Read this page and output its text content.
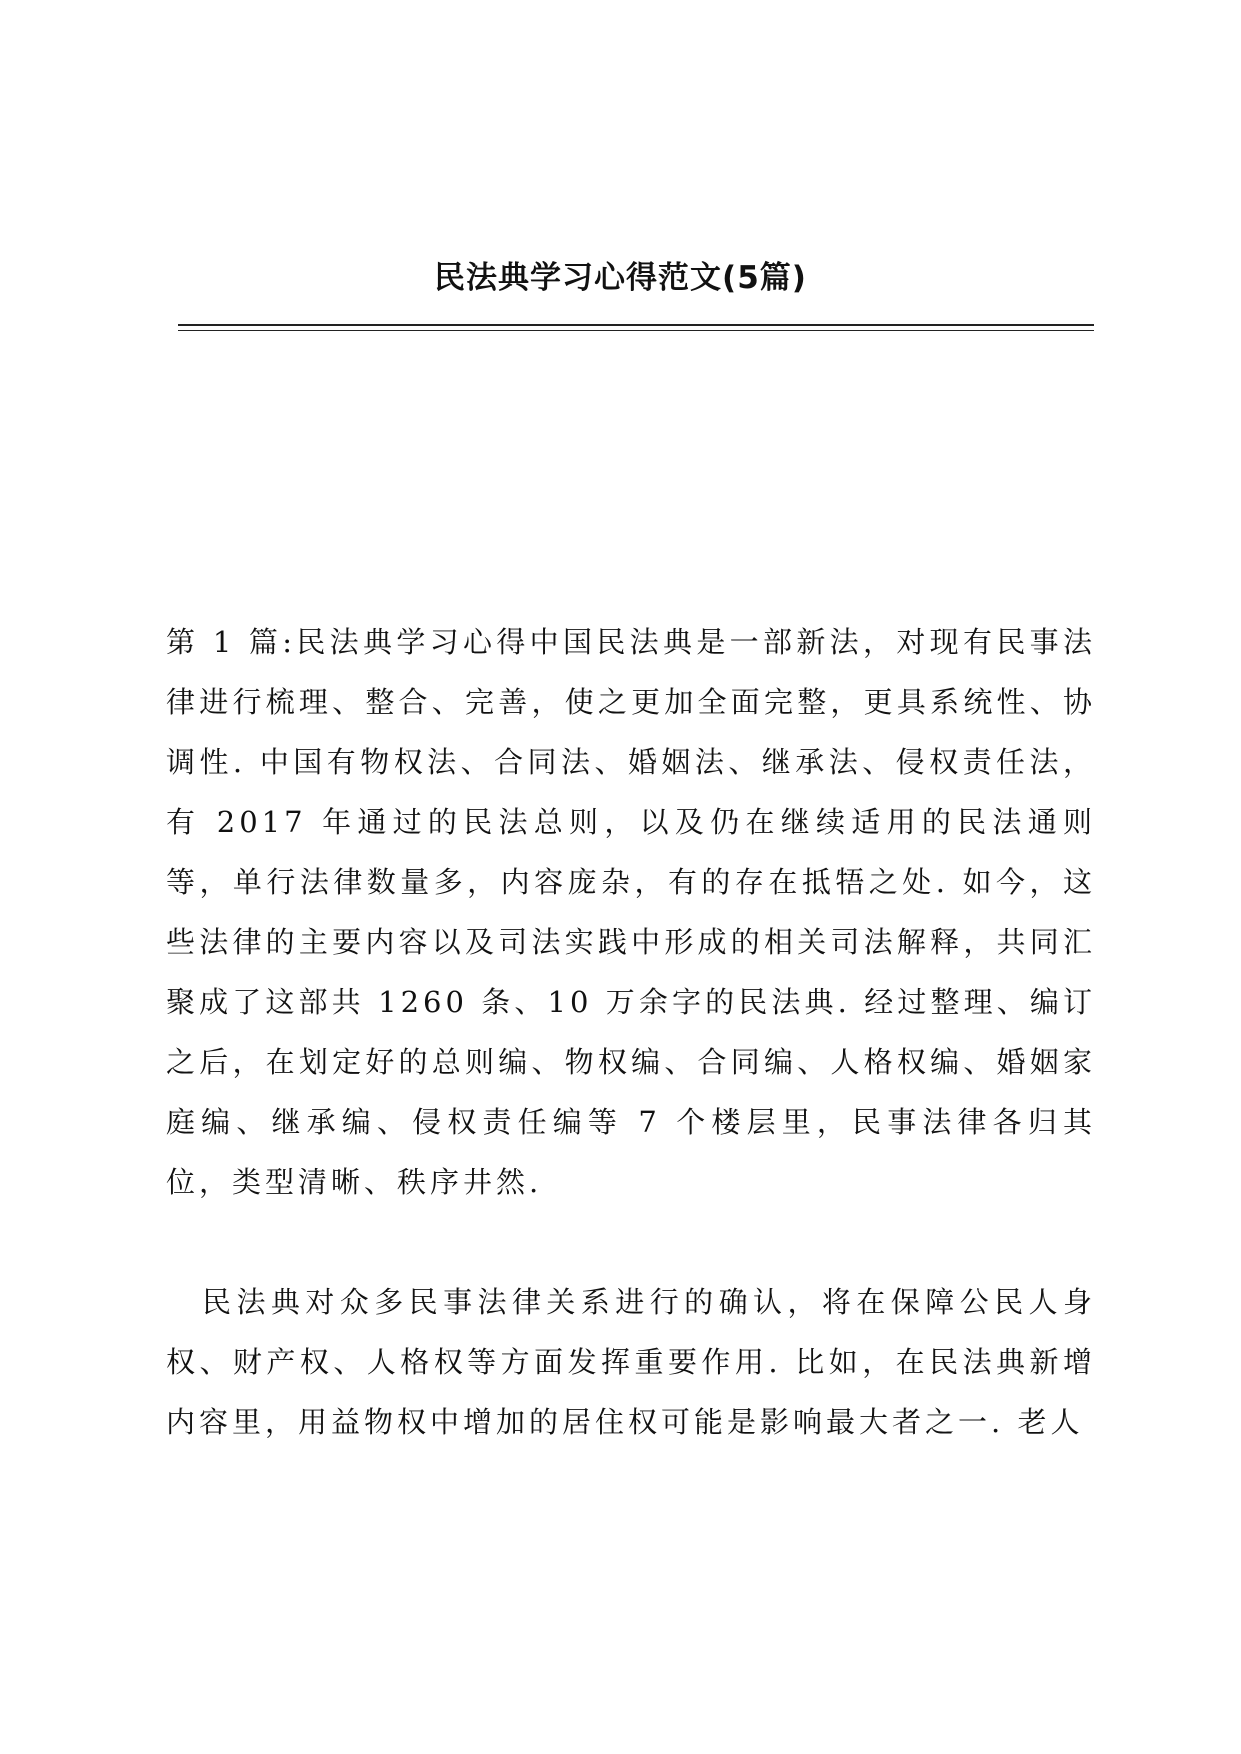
民法典学习心得范文(5篇)

第 1 篇:民法典学习心得中国民法典是一部新法，对现有民事法律进行梳理、整合、完善，使之更加全面完整，更具系统性、协调性. 中国有物权法、合同法、婚姻法、继承法、侵权责任法，有 2017 年通过的民法总则，以及仍在继续适用的民法通则等，单行法律数量多，内容庞杂，有的存在抵牾之处. 如今，这些法律的主要内容以及司法实践中形成的相关司法解释，共同汇聚成了这部共 1260 条、10 万余字的民法典. 经过整理、编订之后，在划定好的总则编、物权编、合同编、人格权编、婚姻家庭编、继承编、侵权责任编等 7 个楼层里，民事法律各归其位，类型清晰、秩序井然.

民法典对众多民事法律关系进行的确认，将在保障公民人身权、财产权、人格权等方面发挥重要作用. 比如，在民法典新增内容里，用益物权中增加的居住权可能是影响最大者之一. 老人
